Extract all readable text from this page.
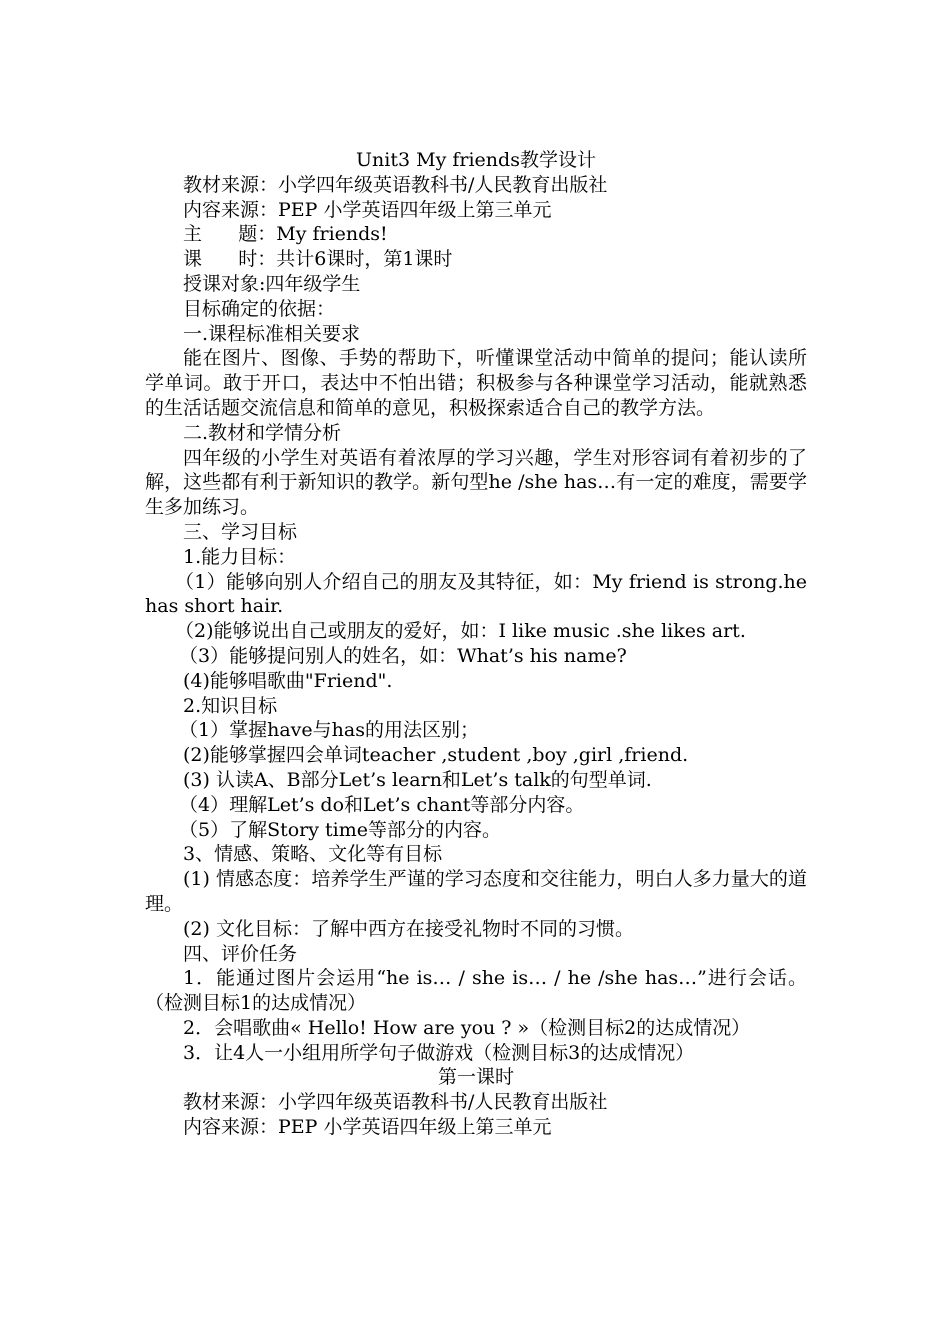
Unit3 My friends教学设计
教材来源：小学四年级英语教科书/人民教育出版社
内容来源：PEP 小学英语四年级上第三单元
主      题：My friends!
课      时：共计6课时，第1课时
授课对象:四年级学生
目标确定的依据：
一.课程标准相关要求
能在图片、图像、手势的帮助下，听懂课堂活动中简单的提问；能认读所学单词。敢于开口，表达中不怕出错；积极参与各种课堂学习活动，能就熟悉的生活话题交流信息和简单的意见，积极探索适合自己的教学方法。
二.教材和学情分析
四年级的小学生对英语有着浓厚的学习兴趣，学生对形容词有着初步的了解，这些都有利于新知识的教学。新句型he /she has…有一定的难度，需要学生多加练习。
三、学习目标
1.能力目标：
（1）能够向别人介绍自己的朋友及其特征，如：My friend is strong.he has short hair.
（2)能够说出自己或朋友的爱好，如：I like music .she likes art.
（3）能够提问别人的姓名，如：What’s his name?
(4)能够唱歌曲"Friend".
2.知识目标
（1）掌握have与has的用法区别；
(2)能够掌握四会单词teacher ,student ,boy ,girl ,friend.
(3) 认读A、B部分Let’s learn和Let’s talk的句型单词.
（4）理解Let’s do和Let’s chant等部分内容。
（5）了解Story time等部分的内容。
3、情感、策略、文化等有目标
(1) 情感态度：培养学生严谨的学习态度和交往能力，明白人多力量大的道理。
(2) 文化目标：了解中西方在接受礼物时不同的习惯。
四、评价任务
1．能通过图片会运用“he is… / she is… / he /she has…”进行会话。（检测目标1的达成情况）
2．会唱歌曲« Hello! How are you ? »（检测目标2的达成情况）
3．让4人一小组用所学句子做游戏（检测目标3的达成情况）
第一课时
教材来源：小学四年级英语教科书/人民教育出版社
内容来源：PEP 小学英语四年级上第三单元
